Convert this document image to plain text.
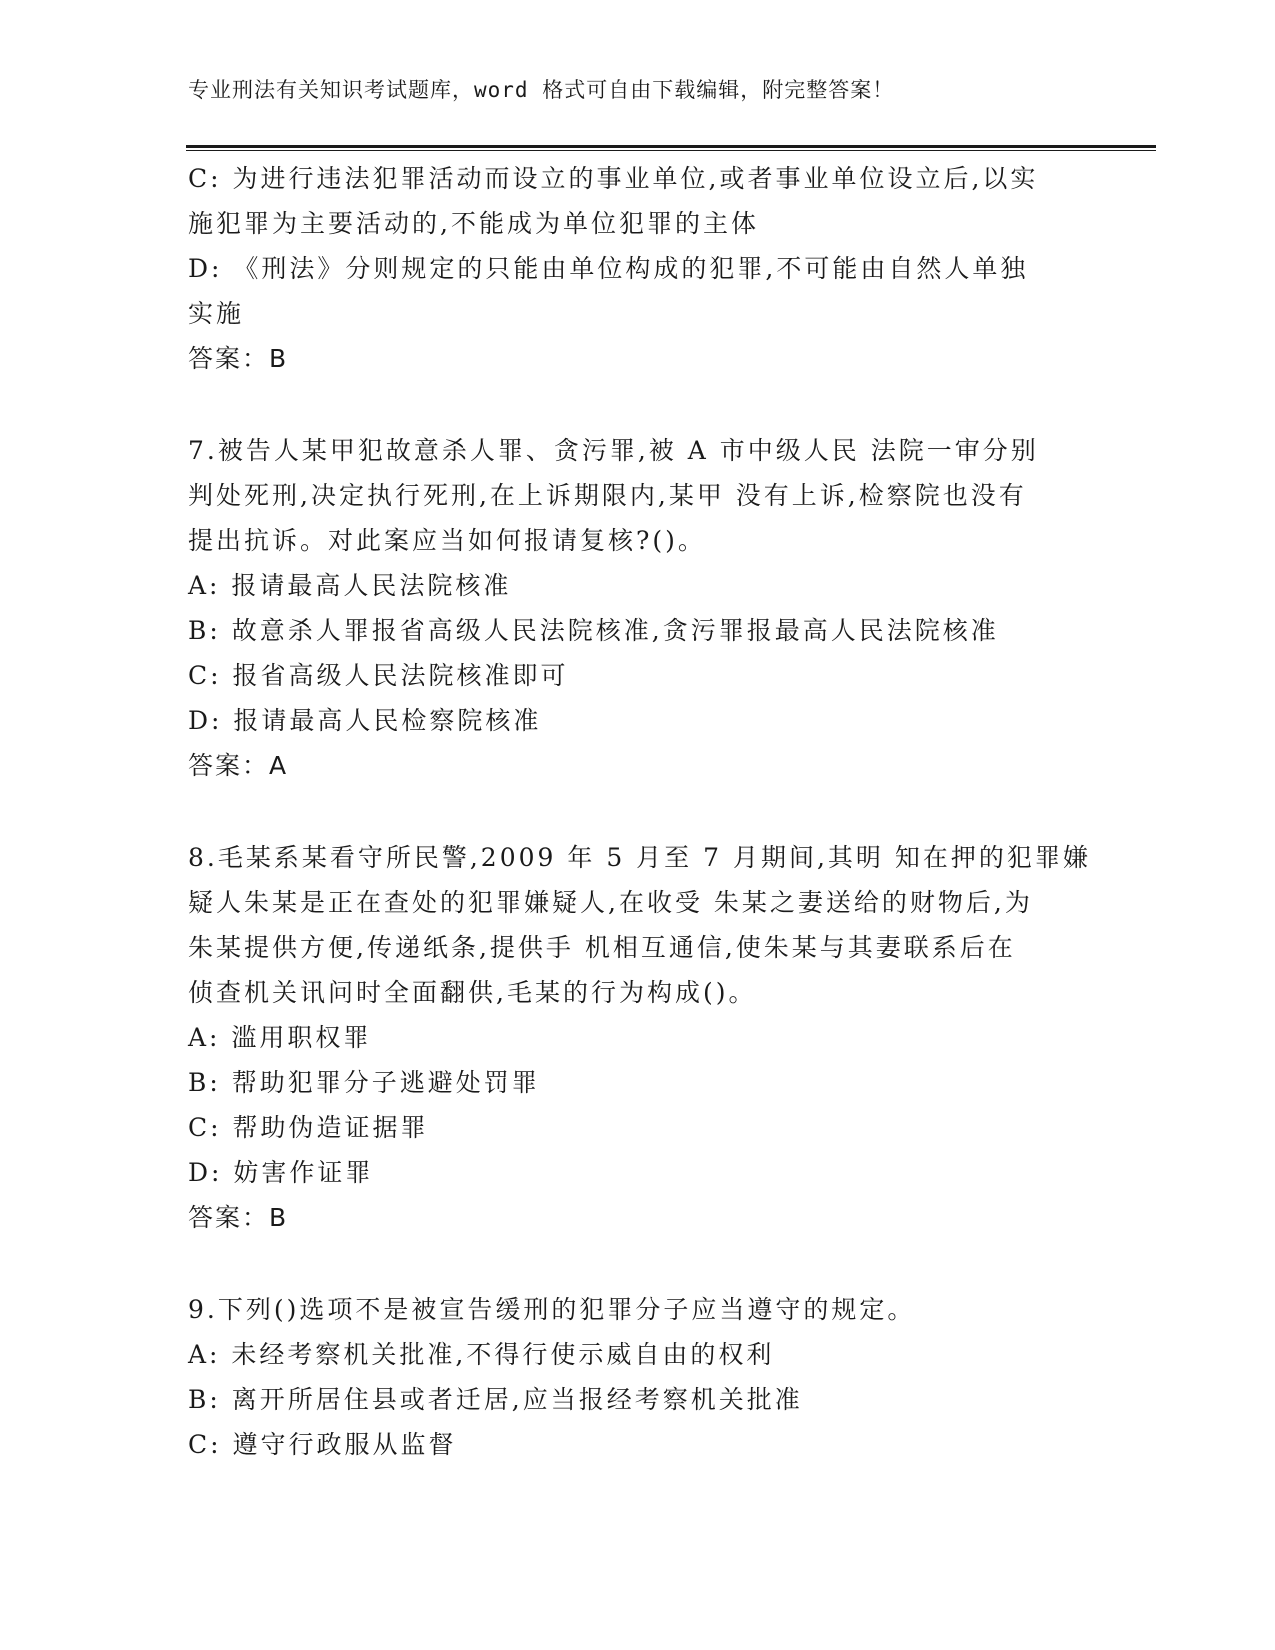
专业刑法有关知识考试题库，word 格式可自由下载编辑，附完整答案！
C: 为进行违法犯罪活动而设立的事业单位,或者事业单位设立后,以实
施犯罪为主要活动的,不能成为单位犯罪的主体
D: 《刑法》分则规定的只能由单位构成的犯罪,不可能由自然人单独
实施
答案：B
7.被告人某甲犯故意杀人罪、贪污罪,被 A 市中级人民 法院一审分别
判处死刑,决定执行死刑,在上诉期限内,某甲 没有上诉,检察院也没有
提出抗诉。对此案应当如何报请复核?()。
A: 报请最高人民法院核准
B: 故意杀人罪报省高级人民法院核准,贪污罪报最高人民法院核准
C: 报省高级人民法院核准即可
D: 报请最高人民检察院核准
答案：A
8.毛某系某看守所民警,2009 年 5 月至 7 月期间,其明 知在押的犯罪嫌
疑人朱某是正在查处的犯罪嫌疑人,在收受 朱某之妻送给的财物后,为
朱某提供方便,传递纸条,提供手 机相互通信,使朱某与其妻联系后在
侦查机关讯问时全面翻供,毛某的行为构成()。
A: 滥用职权罪
B: 帮助犯罪分子逃避处罚罪
C: 帮助伪造证据罪
D: 妨害作证罪
答案：B
9.下列()选项不是被宣告缓刑的犯罪分子应当遵守的规定。
A: 未经考察机关批准,不得行使示威自由的权利
B: 离开所居住县或者迁居,应当报经考察机关批准
C: 遵守行政服从监督
